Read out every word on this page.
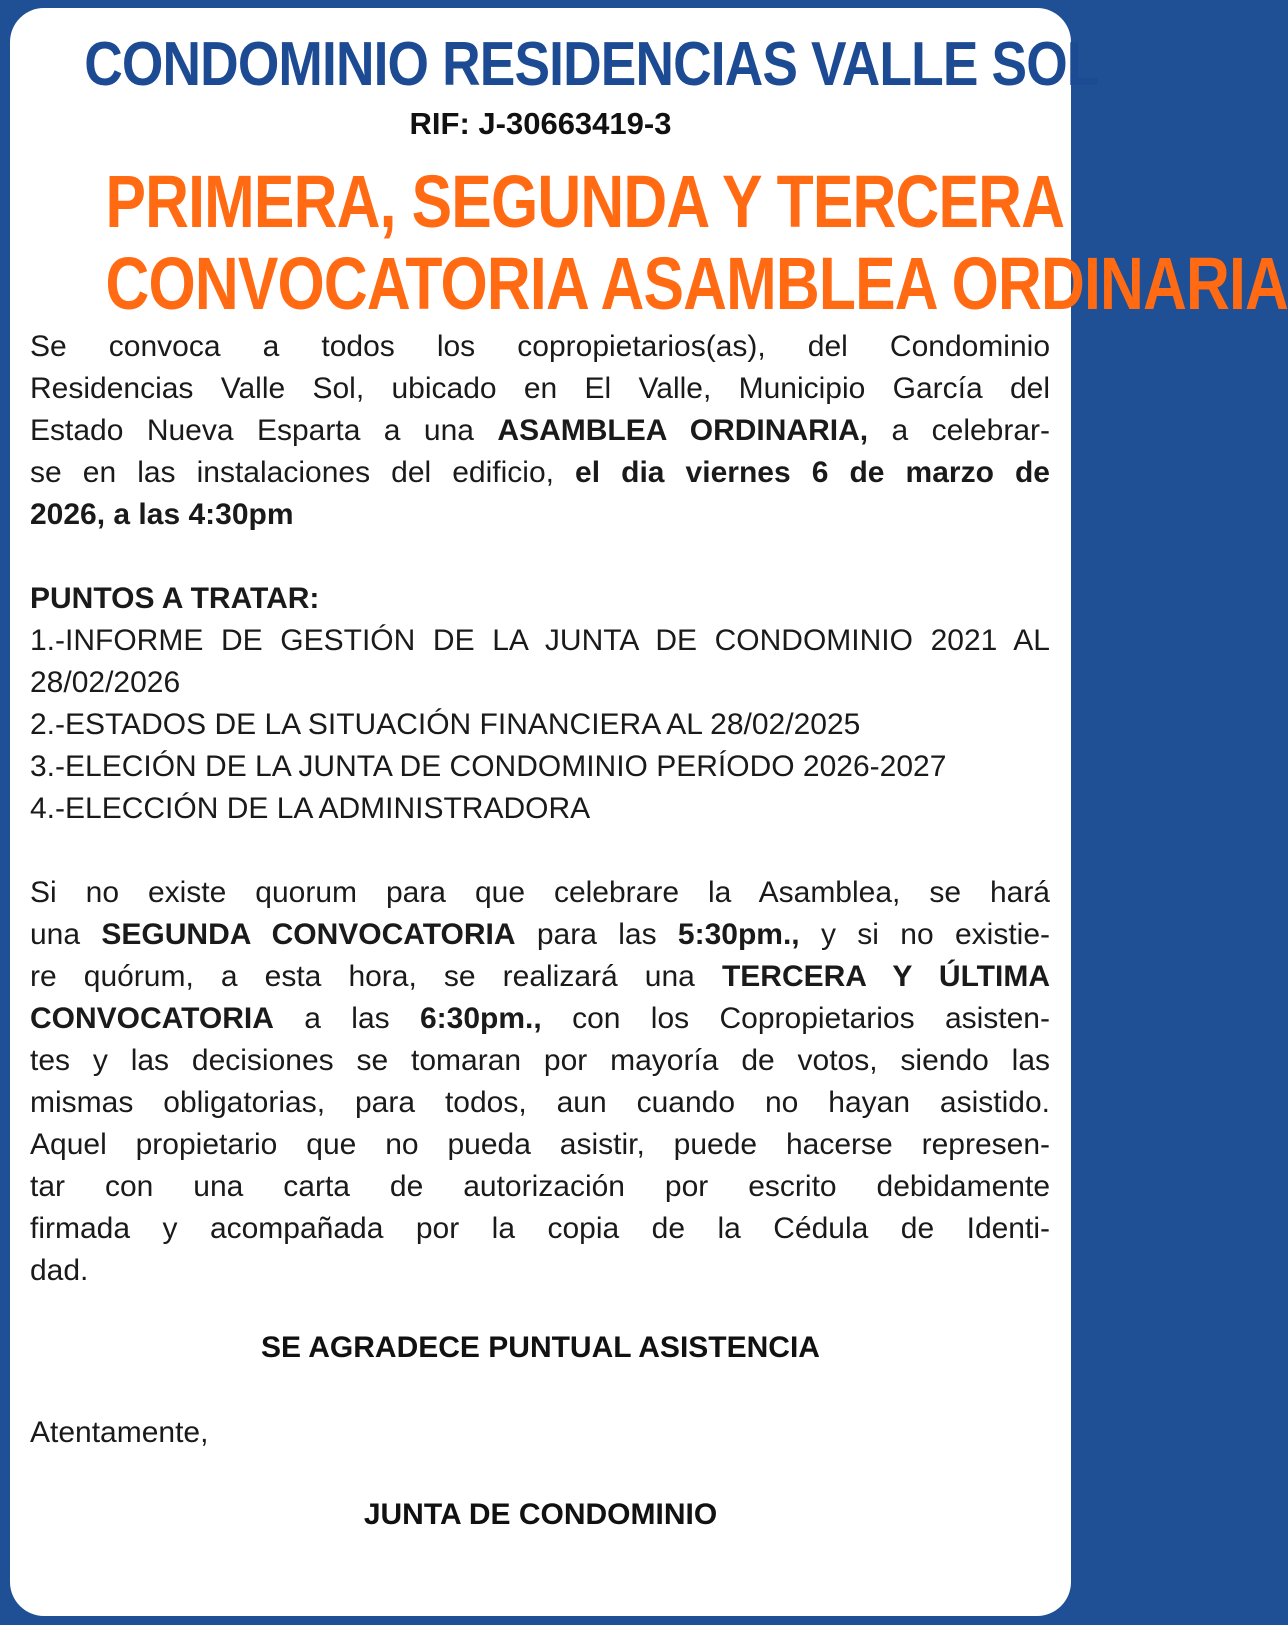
CONDOMINIO RESIDENCIAS VALLE SOL
RIF: J-30663419-3
PRIMERA, SEGUNDA Y TERCERA
CONVOCATORIA ASAMBLEA ORDINARIA
Se convoca a todos los copropietarios(as), del Condominio
Residencias Valle Sol, ubicado en El Valle, Municipio García del
Estado Nueva Esparta a una ASAMBLEA ORDINARIA, a celebrar-
se en las instalaciones del edificio, el dia viernes 6 de marzo de
2026, a las 4:30pm
PUNTOS A TRATAR:
1.-INFORME DE GESTIÓN DE LA JUNTA DE CONDOMINIO 2021 AL
28/02/2026
2.-ESTADOS DE LA SITUACIÓN FINANCIERA AL 28/02/2025
3.-ELECIÓN DE LA JUNTA DE CONDOMINIO PERÍODO 2026-2027
4.-ELECCIÓN DE LA ADMINISTRADORA
Si no existe quorum para que celebrare la Asamblea, se hará
una SEGUNDA CONVOCATORIA para las 5:30pm., y si no existie-
re quórum, a esta hora, se realizará una TERCERA Y ÚLTIMA
CONVOCATORIA a las 6:30pm., con los Copropietarios asisten-
tes y las decisiones se tomaran por mayoría de votos, siendo las
mismas obligatorias, para todos, aun cuando no hayan asistido.
Aquel propietario que no pueda asistir, puede hacerse represen-
tar con una carta de autorización por escrito debidamente
firmada y acompañada por la copia de la Cédula de Identi-
dad.
SE AGRADECE PUNTUAL ASISTENCIA
Atentamente,
JUNTA DE CONDOMINIO
